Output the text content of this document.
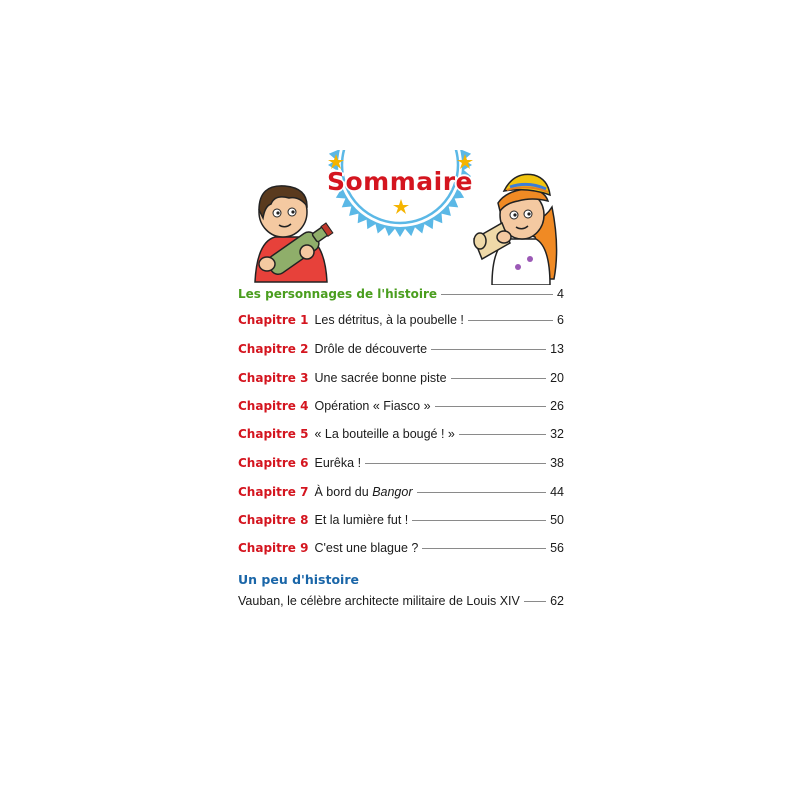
Sommaire
Les personnages de l'histoire	4
Chapitre 1 Les détritus, à la poubelle !	6
Chapitre 2 Drôle de découverte	13
Chapitre 3 Une sacrée bonne piste	20
Chapitre 4 Opération « Fiasco »	26
Chapitre 5 « La bouteille a bougé ! »	32
Chapitre 6 Eurêka !	38
Chapitre 7 À bord du Bangor	44
Chapitre 8 Et la lumière fut !	50
Chapitre 9 C'est une blague ?	56
Un peu d'histoire
Vauban, le célèbre architecte militaire de Louis XIV 62
